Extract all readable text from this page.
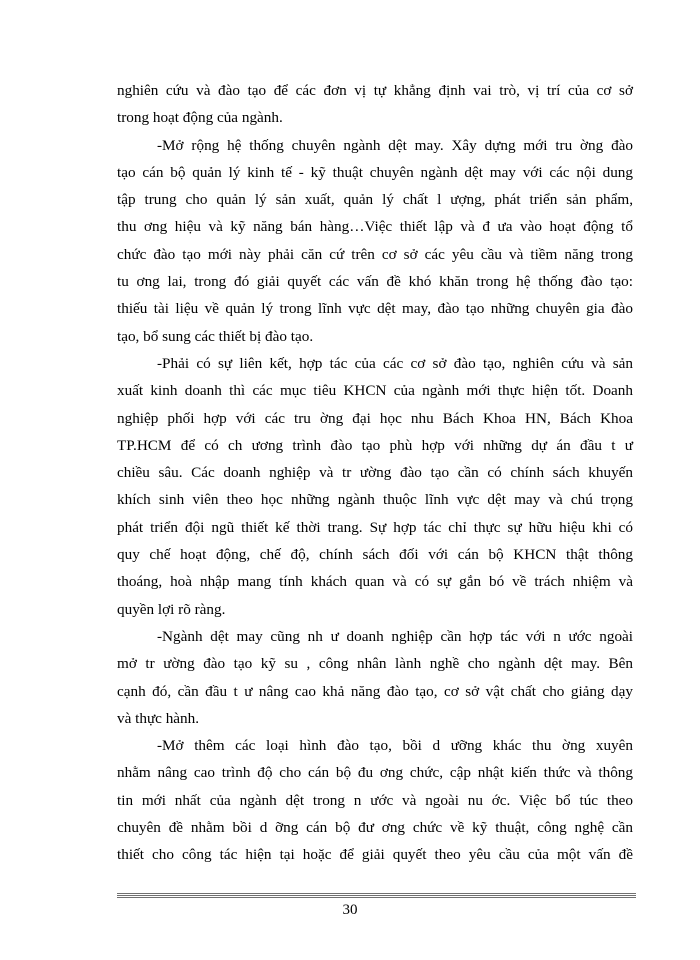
nghiên cứu và đào tạo để các đơn vị tự khẳng định vai trò, vị trí của cơ sở
trong hoạt động của ngành.

-Mở rộng hệ thống chuyên ngành dệt may. Xây dựng mới tru ờng đào
tạo cán bộ quản lý kinh tế - kỹ thuật chuyên ngành dệt may với các nội dung
tập trung cho quản lý sản xuất, quản lý chất l ượng, phát triển sản phẩm,
thu ơng hiệu và kỹ năng bán hàng…Việc thiết lập và đ ưa vào hoạt động tổ
chức đào tạo mới này phải căn cứ trên cơ sở các yêu cầu và tiềm năng trong
tu ơng lai, trong đó giải quyết các vấn đề khó khăn trong hệ thống đào tạo:
thiếu tài liệu về quản lý trong lĩnh vực dệt may, đào tạo những chuyên gia đào
tạo, bổ sung các thiết bị đào tạo.

-Phải có sự liên kết, hợp tác của các cơ sở đào tạo, nghiên cứu và sản
xuất kinh doanh thì các mục tiêu KHCN của ngành mới thực hiện tốt. Doanh
nghiệp phối hợp với các tru ờng đại học nhu Bách Khoa HN, Bách Khoa
TP.HCM để có ch ương trình đào tạo phù hợp với những dự án đầu t ư
chiều sâu. Các doanh nghiệp và tr ường đào tạo cần có chính sách khuyến
khích sinh viên theo học những ngành thuộc lĩnh vực dệt may và chú trọng
phát triển đội ngũ thiết kế thời trang. Sự hợp tác chỉ thực sự hữu hiệu khi có
quy chế hoạt động, chế độ, chính sách đối với cán bộ KHCN thật thông
thoáng, hoà nhập mang tính khách quan và có sự gắn bó về trách nhiệm và
quyền lợi rõ ràng.

-Ngành dệt may cũng nh ư doanh nghiệp cần hợp tác với n ước ngoài
mở tr ường đào tạo kỹ su , công nhân lành nghề cho ngành dệt may. Bên
cạnh đó, cần đầu t ư nâng cao khả năng đào tạo, cơ sở vật chất cho giảng dạy
và thực hành.

-Mở thêm các loại hình đào tạo, bồi d ưỡng khác thu ờng xuyên
nhằm nâng cao trình độ cho cán bộ đu ơng chức, cập nhật kiến thức và thông
tin mới nhất của ngành dệt trong n ước và ngoài nu ớc. Việc bổ túc theo
chuyên đề nhằm bồi d ỡng cán bộ đư ơng chức về kỹ thuật, công nghệ cần
thiết cho công tác hiện tại hoặc để giải quyết theo yêu cầu của một vấn đề

30
